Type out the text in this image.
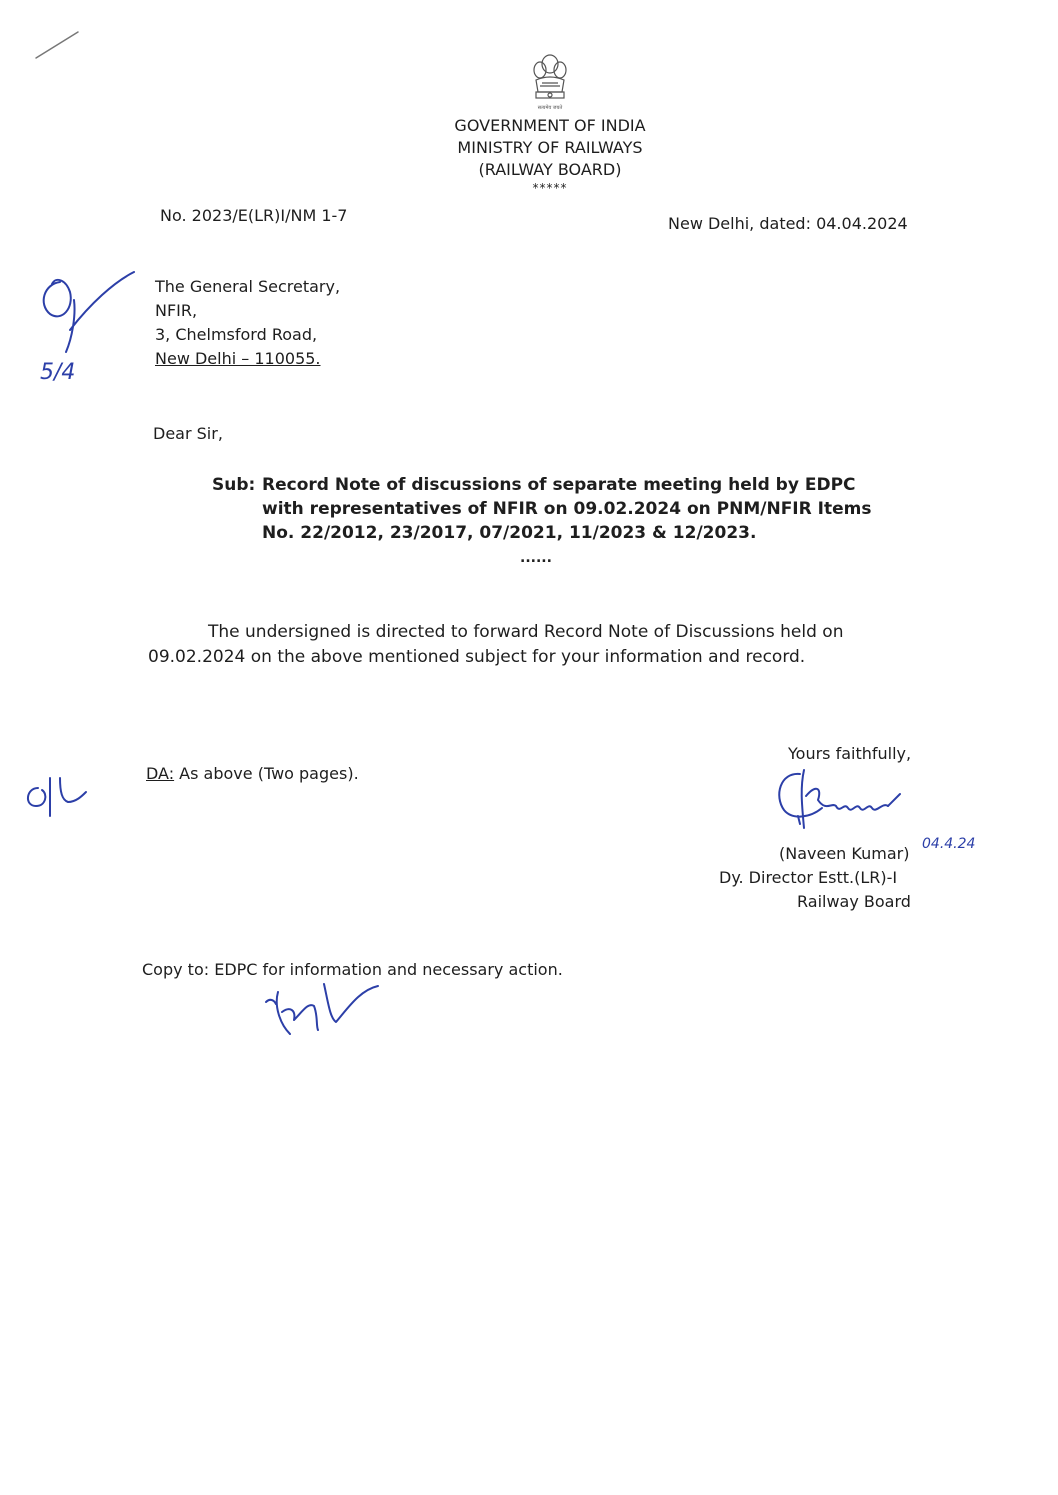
सत्यमेव जयते
GOVERNMENT OF INDIA
MINISTRY OF RAILWAYS
(RAILWAY BOARD)
*****
No. 2023/E(LR)I/NM 1-7	New Delhi, dated: 04.04.2024
The General Secretary,
NFIR,
3, Chelmsford Road,
New Delhi – 110055.
Dear Sir,
Sub: Record Note of discussions of separate meeting held by EDPC
with representatives of NFIR on 09.02.2024 on PNM/NFIR Items
No. 22/2012, 23/2017, 07/2021, 11/2023 & 12/2023.
......
The undersigned is directed to forward Record Note of Discussions held on
09.02.2024 on the above mentioned subject for your information and record.
DA: As above (Two pages).
Yours faithfully,
(Naveen Kumar) 04.4.24
Dy. Director Estt.(LR)-I
Railway Board
Copy to: EDPC for information and necessary action.
5/4
